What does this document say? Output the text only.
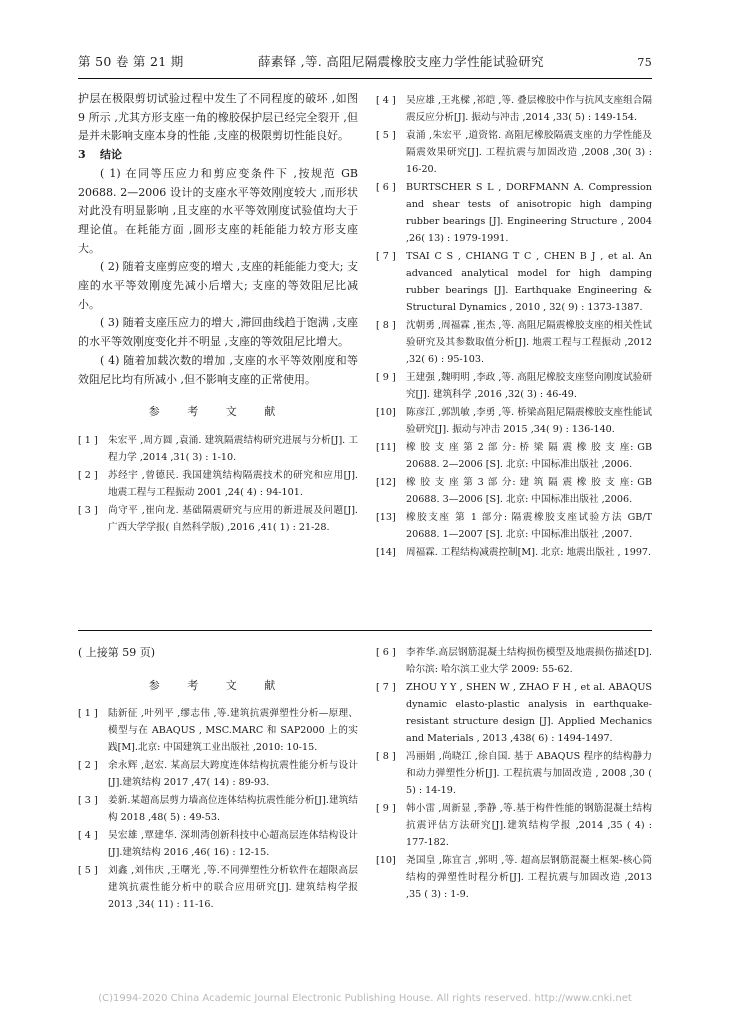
第 50 卷 第 21 期	薛素铎 ,等. 高阻尼隔震橡胶支座力学性能试验研究	75

护层在极限剪切试验过程中发生了不同程度的破坏 ,如图 9 所示 ,尤其方形支座一角的橡胶保护层已经完全裂开 ,但是并未影响支座本身的性能 ,支座的极限剪切性能良好。

3 结论

( 1) 在同等压应力和剪应变条件下 ,按规范 GB 20688. 2—2006 设计的支座水平等效刚度较大 ,而形状对此没有明显影响 ,且支座的水平等效刚度试验值均大于理论值。在耗能方面 ,圆形支座的耗能能力较方形支座大。

( 2) 随着支座剪应变的增大 ,支座的耗能能力变大; 支座的水平等效刚度先减小后增大; 支座的等效阻尼比减小。

( 3) 随着支座压应力的增大 ,滞回曲线趋于饱满 ,支座的水平等效刚度变化并不明显 ,支座的等效阻尼比增大。

( 4) 随着加载次数的增加 ,支座的水平等效刚度和等效阻尼比均有所减小 ,但不影响支座的正常使用。

参 考 文 献
[ 1 ]	朱宏平 ,周方圆 ,袁涌. 建筑隔震结构研究进展与分析[J]. 工程力学 ,2014 ,31( 3) : 1-10.
[ 2 ]	苏经宇 ,曾德民. 我国建筑结构隔震技术的研究和应用[J]. 地震工程与工程振动 2001 ,24( 4) : 94-101.
[ 3 ]	尚守平 ,崔向龙. 基础隔震研究与应用的新进展及问题[J]. 广西大学学报( 自然科学版) ,2016 ,41( 1) : 21-28.
[ 4 ]	吴应雄 ,王兆樑 ,祁皑 ,等. 叠层橡胶中作与抗风支座组合隔震反应分析[J]. 振动与冲击 ,2014 ,33( 5) : 149-154.
[ 5 ]	袁涌 ,朱宏平 ,道资铭. 高阻尼橡胶隔震支座的力学性能及隔震效果研究[J]. 工程抗震与加固改造 ,2008 ,30( 3) : 16-20.
[ 6 ]	BURTSCHER S L , DORFMANN A. Compression and shear tests of anisotropic high damping rubber bearings [J]. Engineering Structure , 2004 ,26( 13) : 1979-1991.
[ 7 ]	TSAI C S , CHIANG T C , CHEN B J , et al. An advanced analytical model for high damping rubber bearings [J]. Earthquake Engineering & Structural Dynamics , 2010 , 32( 9) : 1373-1387.
[ 8 ]	沈朝勇 ,周福霖 ,崔杰 ,等. 高阻尼隔震橡胶支座的相关性试验研究及其参数取值分析[J]. 地震工程与工程振动 ,2012 ,32( 6) : 95-103.
[ 9 ]	王建强 ,魏明明 ,李政 ,等. 高阻尼橡胶支座竖向刚度试验研究[J]. 建筑科学 ,2016 ,32( 3) : 46-49.
[10]	陈彦江 ,郭凯敏 ,李勇 ,等. 桥梁高阻尼隔震橡胶支座性能试验研究[J]. 振动与冲击 2015 ,34( 9) : 136-140.
[11]	橡 胶 支 座 第 2 部 分: 桥 梁 隔 震 橡 胶 支 座: GB 20688. 2—2006 [S]. 北京: 中国标准出版社 ,2006.
[12]	橡 胶 支 座 第 3 部 分: 建 筑 隔 震 橡 胶 支 座: GB 20688. 3—2006 [S]. 北京: 中国标准出版社 ,2006.
[13]	橡胶支座 第 1 部分: 隔震橡胶支座试验方法 GB/T 20688. 1—2007 [S]. 北京: 中国标准出版社 ,2007.
[14]	周福霖. 工程结构减震控制[M]. 北京: 地震出版社 , 1997.
( 上接第 59 页)
参 考 文 献
[ 1 ]	陆新征 ,叶列平 ,缪志伟 ,等.建筑抗震弹塑性分析—原理、模型与在 ABAQUS , MSC.MARC 和 SAP2000 上的实践[M].北京: 中国建筑工业出版社 ,2010: 10-15.
[ 2 ]	余永辉 ,赵宏. 某高层大跨度连体结构抗震性能分析与设计[J].建筑结构 2017 ,47( 14) : 89-93.
[ 3 ]	姜新.某超高层剪力墙高位连体结构抗震性能分析[J].建筑结构 2018 ,48( 5) : 49-53.
[ 4 ]	吴宏雄 ,覃建华. 深圳湾创新科技中心超高层连体结构设计[J].建筑结构 2016 ,46( 16) : 12-15.
[ 5 ]	刘鑫 ,刘伟庆 ,王曙光 ,等.不同弹塑性分析软件在超限高层建筑抗震性能分析中的联合应用研究[J]. 建筑结构学报 2013 ,34( 11) : 11-16.
[ 6 ]	李祚华.高层钢筋混凝土结构损伤模型及地震损伤描述[D]. 哈尔滨: 哈尔滨工业大学 2009: 55-62.
[ 7 ]	ZHOU Y Y , SHEN W , ZHAO F H , et al. ABAQUS dynamic elasto-plastic analysis in earthquake- resistant structure design [J]. Applied Mechanics and Materials , 2013 ,438( 6) : 1494-1497.
[ 8 ]	冯丽娟 ,尚晓江 ,徐自国. 基于 ABAQUS 程序的结构静力和动力弹塑性分析[J]. 工程抗震与加固改造 , 2008 ,30 ( 5) : 14-19.
[ 9 ]	韩小雷 ,周新显 ,季静 ,等.基于构件性能的钢筋混凝土结构抗震评估方法研究[J].建筑结构学报 ,2014 ,35 ( 4) : 177-182.
[10]	尧国皇 ,陈宜言 ,郭明 ,等. 超高层钢筋混凝土框架-核心筒结构的弹塑性时程分析[J]. 工程抗震与加固改造 ,2013 ,35 ( 3) : 1-9.
(C)1994-2020 China Academic Journal Electronic Publishing House. All rights reserved. http://www.cnki.net
